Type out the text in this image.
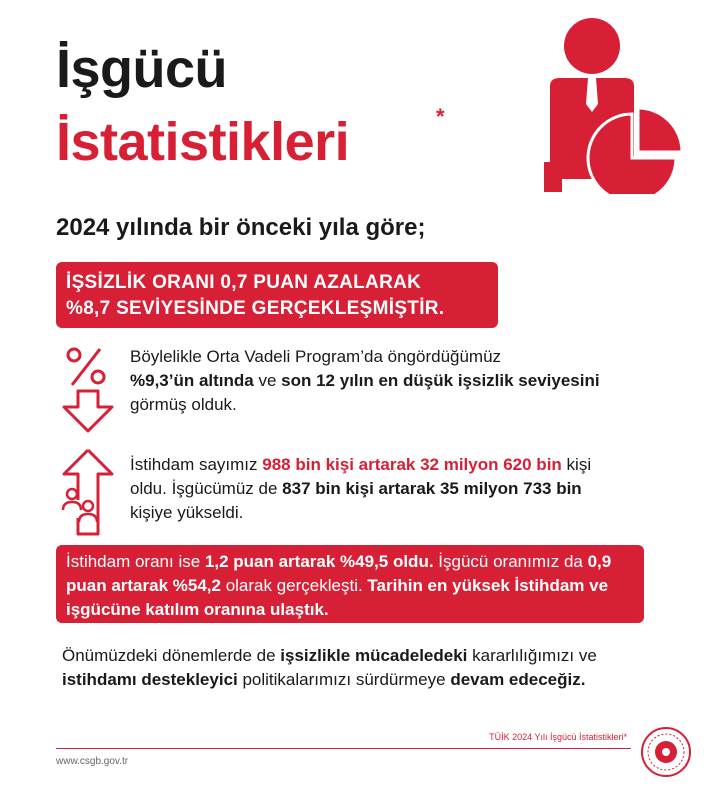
İşgücü
İstatistikleri	*
2024 yılında bir önceki yıla göre;
İŞSİZLİK ORANI 0,7 PUAN AZALARAK
%8,7 SEVİYESİNDE GERÇEKLEŞMİŞTİR.
Böylelikle Orta Vadeli Program’da öngördüğümüz
%9,3’ün altında ve son 12 yılın en düşük işsizlik seviyesini görmüş olduk.
İstihdam sayımız 988 bin kişi artarak 32 milyon 620 bin kişi oldu. İşgücümüz de 837 bin kişi artarak 35 milyon 733 bin kişiye yükseldi.
İstihdam oranı ise 1,2 puan artarak %49,5 oldu. İşgücü oranımız da 0,9 puan artarak %54,2 olarak gerçekleşti. Tarihin en yüksek İstihdam ve işgücüne katılım oranına ulaştık.
Önümüzdeki dönemlerde de işsizlikle mücadeledeki kararlılığımızı ve istihdamı destekleyici politikalarımızı sürdürmeye devam edeceğiz.
TÜİK 2024 Yılı İşgücü İstatistikleri*
www.csgb.gov.tr
